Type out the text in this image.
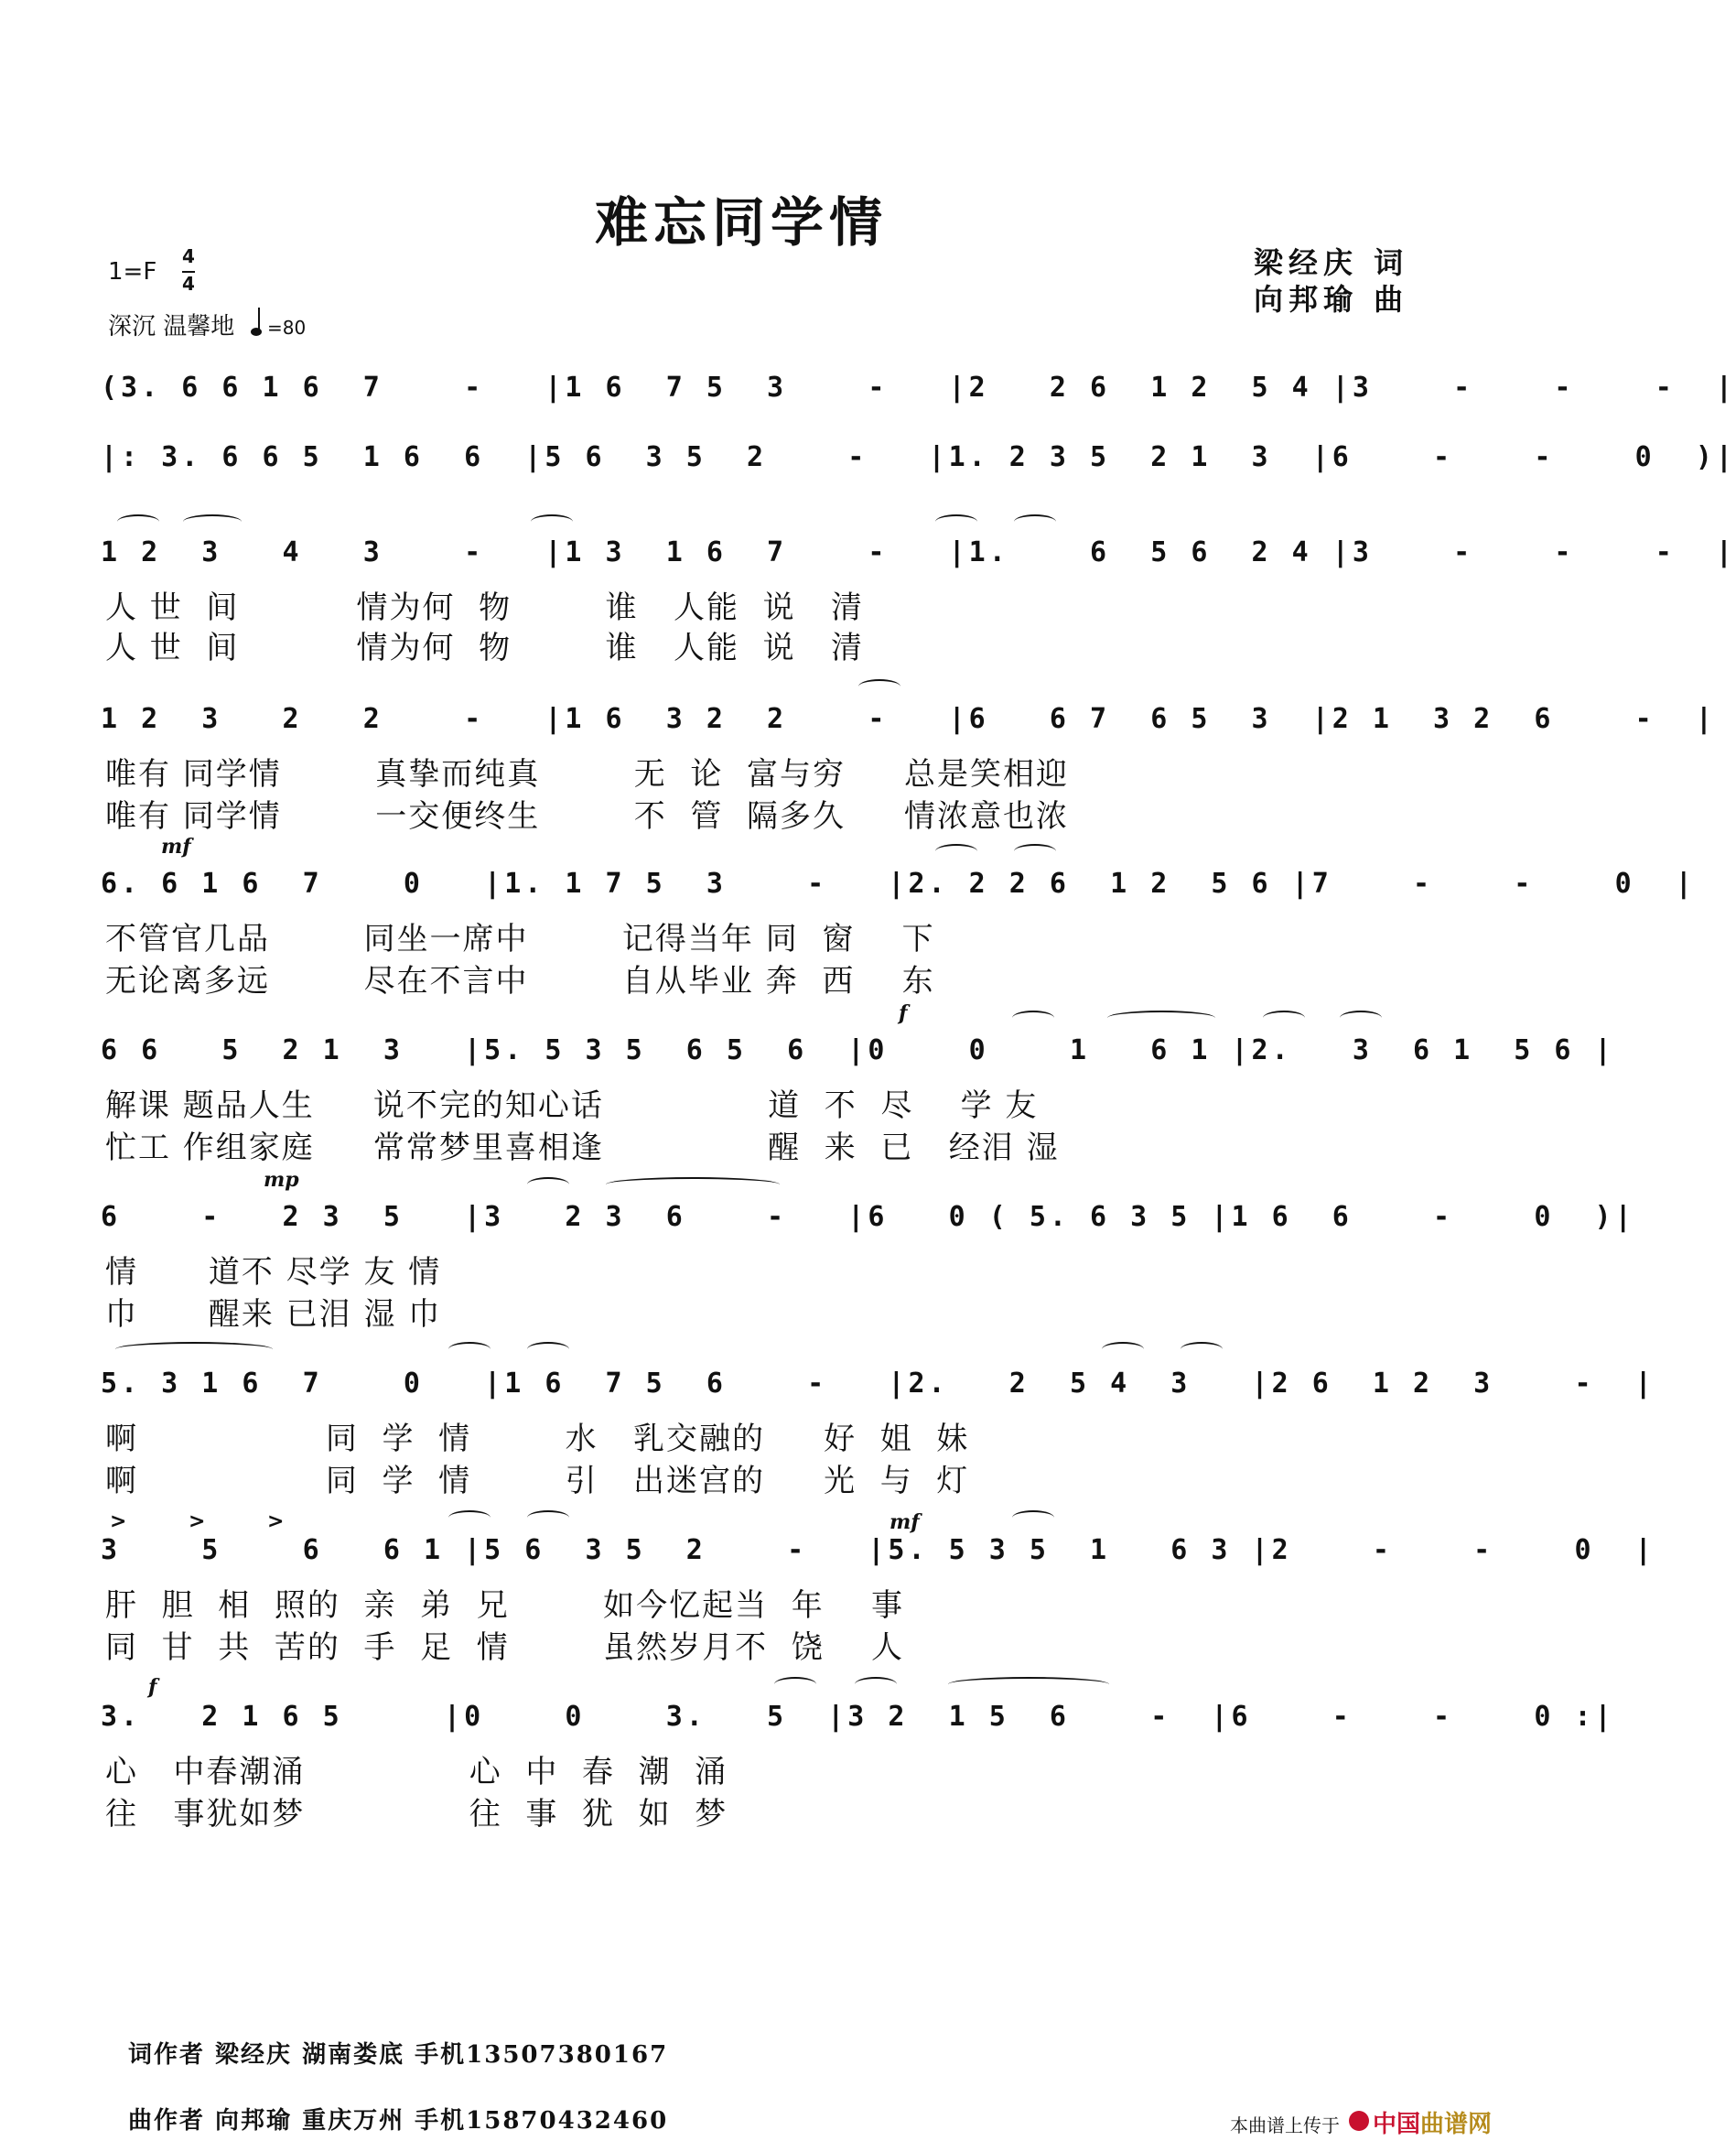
难忘同学情
梁经庆 词
向邦瑜 曲
1=F
4
4
深沉 温馨地 =80
(3. 6 6 1 6  7    -   |1 6  7 5  3    -   |2   2 6  1 2  5 4 |3    -    -    -  |
|: 3. 6 6 5  1 6  6  |5 6  3 5  2    -   |1. 2 3 5  2 1  3  |6    -    -    0  )|
1 2  3   4   3    -   |1 3  1 6  7    -   |1.    6  5 6  2 4 |3    -    -    -  |
人 世  间          情为何  物        谁   人能  说   清
人 世  间          情为何  物        谁   人能  说   清
1 2  3   2   2    -   |1 6  3 2  2    -   |6   6 7  6 5  3  |2 1  3 2  6    -  |
唯有 同学情        真挚而纯真        无  论  富与穷     总是笑相迎
唯有 同学情        一交便终生        不  管  隔多久     情浓意也浓
mf
6. 6 1 6  7    0   |1. 1 7 5  3    -   |2. 2 2 6  1 2  5 6 |7    -    -    0  |
不管官几品        同坐一席中        记得当年 同  窗    下
无论离多远        尽在不言中        自从毕业 奔  西    东
f
6 6   5  2 1  3   |5. 5 3 5  6 5  6  |0    0    1   6 1 |2.   3  6 1  5 6 |
解课 题品人生     说不完的知心话              道  不  尽    学 友
忙工 作组家庭     常常梦里喜相逢              醒  来  已   经泪 湿
mp
6    -   2 3  5   |3   2 3  6    -   |6   0 ( 5. 6 3 5 |1 6  6    -    0  )|
情      道不 尽学 友 情
巾      醒来 已泪 湿 巾
5. 3 1 6  7    0   |1 6  7 5  6    -   |2.   2  5 4  3   |2 6  1 2  3    -  |
啊                同  学  情        水   乳交融的     好  姐  妹
啊                同  学  情        引   出迷宫的     光  与  灯
>	>	>	mf
3    5    6   6 1 |5 6  3 5  2    -   |5. 5 3 5  1   6 3 |2    -    -    0  |
肝  胆  相  照的  亲  弟  兄        如今忆起当  年    事
同  甘  共  苦的  手  足  情        虽然岁月不  饶    人
f
3.   2 1 6 5     |0    0    3.   5  |3 2  1 5  6    -  |6    -    -    0 :|
心   中春潮涌              心  中  春  潮  涌
往   事犹如梦              往  事  犹  如  梦
词作者 梁经庆 湖南娄底 手机13507380167
曲作者 向邦瑜 重庆万州 手机15870432460	本曲谱上传于 中国曲谱网
